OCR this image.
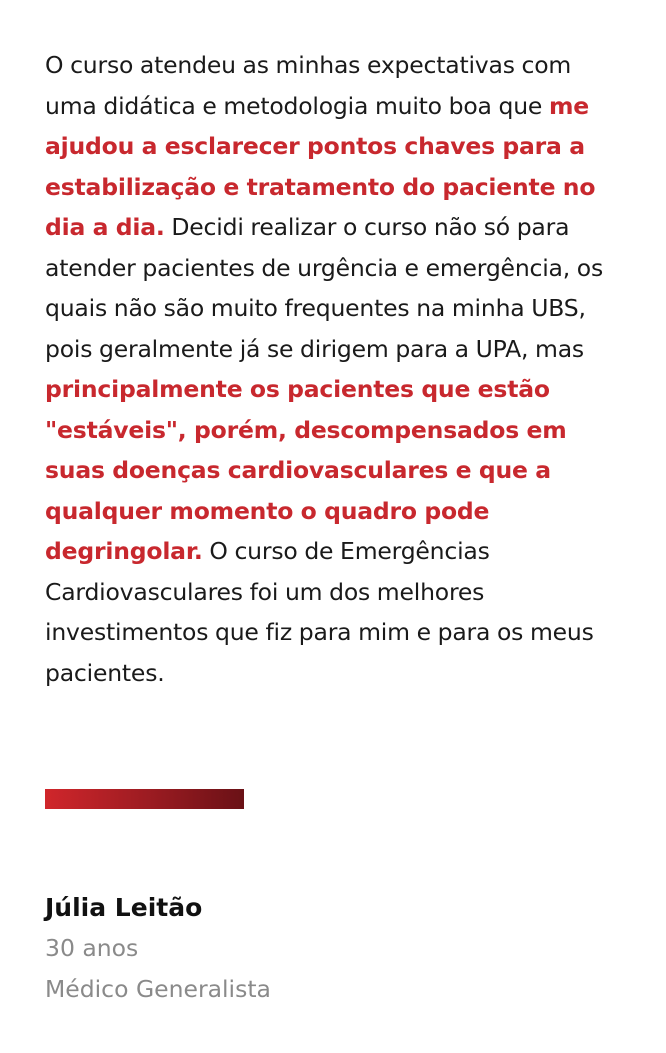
O curso atendeu as minhas expectativas com uma didática e metodologia muito boa que me ajudou a esclarecer pontos chaves para a estabilização e tratamento do paciente no dia a dia. Decidi realizar o curso não só para atender pacientes de urgência e emergência, os quais não são muito frequentes na minha UBS, pois geralmente já se dirigem para a UPA, mas principalmente os pacientes que estão "estáveis", porém, descompensados em suas doenças cardiovasculares e que a qualquer momento o quadro pode degringolar. O curso de Emergências Cardiovasculares foi um dos melhores investimentos que fiz para mim e para os meus pacientes.

Júlia Leitão

30 anos

Médico Generalista
